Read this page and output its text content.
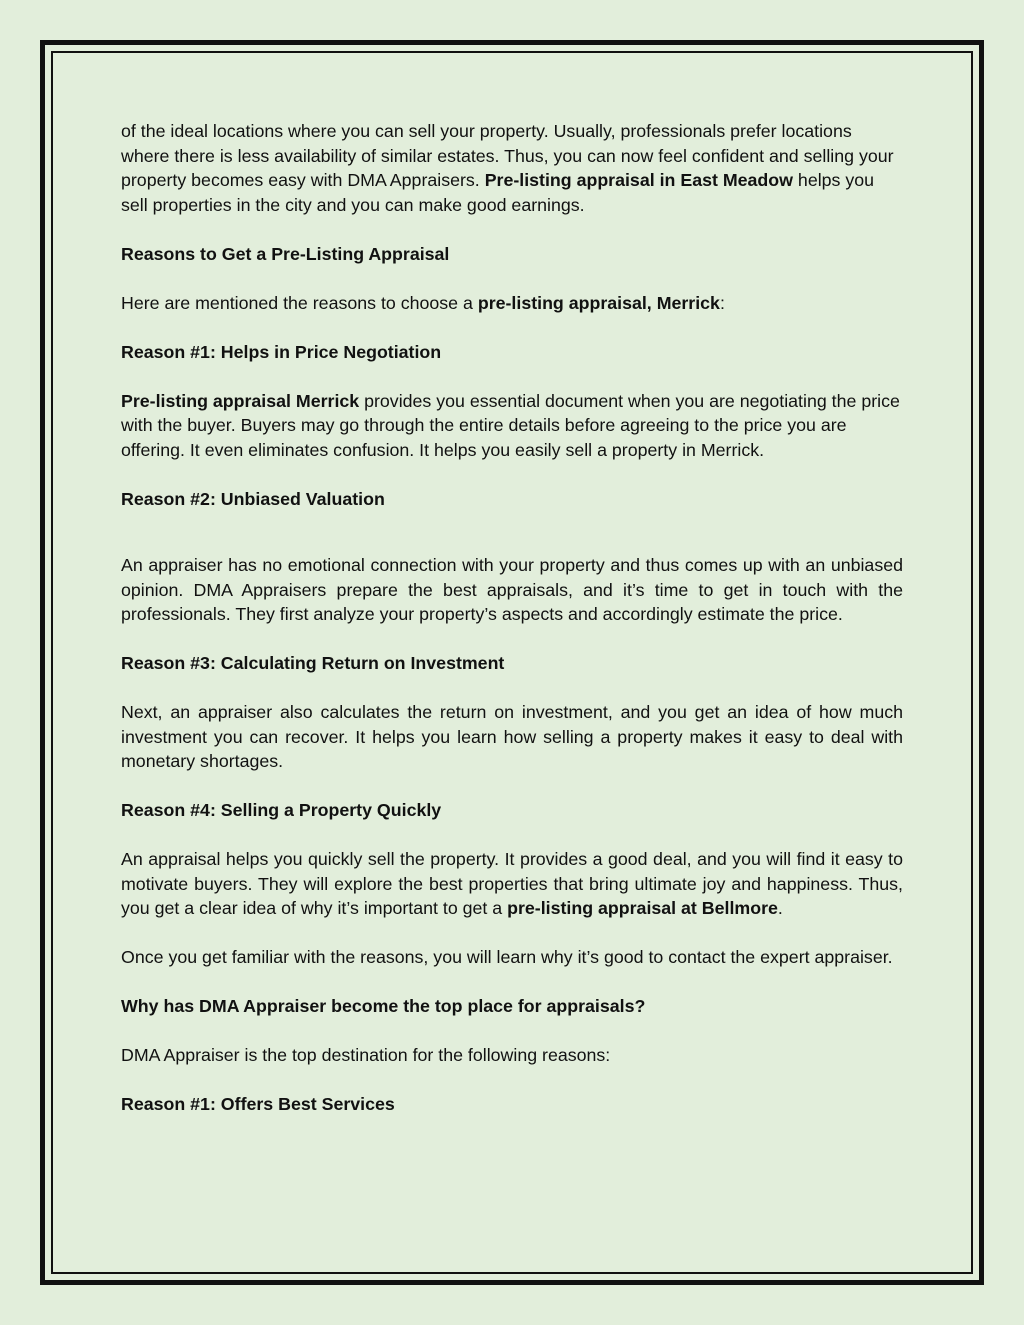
of the ideal locations where you can sell your property. Usually, professionals prefer locations where there is less availability of similar estates. Thus, you can now feel confident and selling your property becomes easy with DMA Appraisers. Pre-listing appraisal in East Meadow helps you sell properties in the city and you can make good earnings.

Reasons to Get a Pre-Listing Appraisal

Here are mentioned the reasons to choose a pre-listing appraisal, Merrick:

Reason #1: Helps in Price Negotiation

Pre-listing appraisal Merrick provides you essential document when you are negotiating the price with the buyer. Buyers may go through the entire details before agreeing to the price you are offering. It even eliminates confusion. It helps you easily sell a property in Merrick.

Reason #2: Unbiased Valuation

An appraiser has no emotional connection with your property and thus comes up with an unbiased opinion. DMA Appraisers prepare the best appraisals, and it’s time to get in touch with the professionals. They first analyze your property’s aspects and accordingly estimate the price.

Reason #3: Calculating Return on Investment

Next, an appraiser also calculates the return on investment, and you get an idea of how much investment you can recover. It helps you learn how selling a property makes it easy to deal with monetary shortages.

Reason #4: Selling a Property Quickly

An appraisal helps you quickly sell the property. It provides a good deal, and you will find it easy to motivate buyers. They will explore the best properties that bring ultimate joy and happiness. Thus, you get a clear idea of why it’s important to get a pre-listing appraisal at Bellmore.

Once you get familiar with the reasons, you will learn why it’s good to contact the expert appraiser.

Why has DMA Appraiser become the top place for appraisals?

DMA Appraiser is the top destination for the following reasons:

Reason #1: Offers Best Services
